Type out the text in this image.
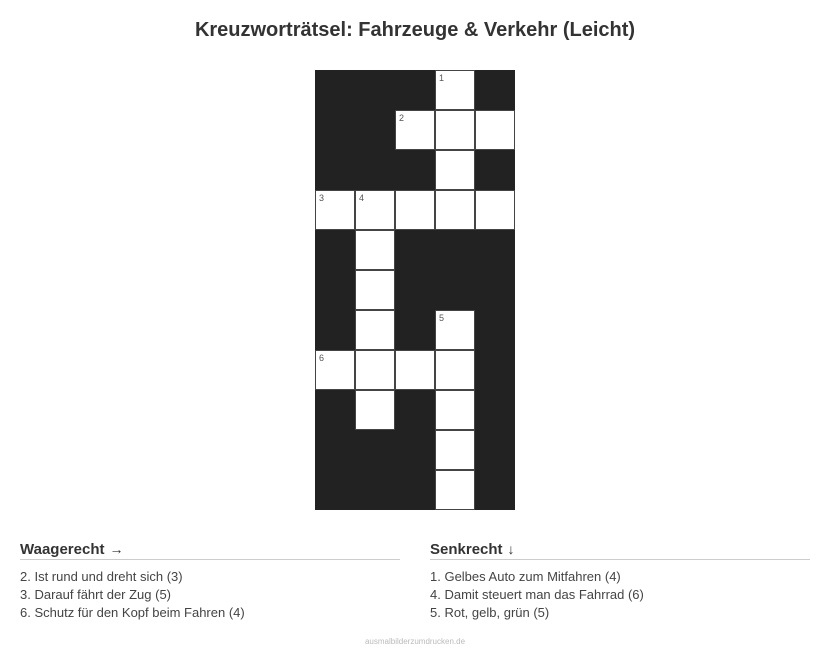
Kreuzworträtsel: Fahrzeuge & Verkehr (Leicht)
1
2
3	4
5
6
Waagerecht →
2. Ist rund und dreht sich (3)
3. Darauf fährt der Zug (5)
6. Schutz für den Kopf beim Fahren (4)
Senkrecht ↓
1. Gelbes Auto zum Mitfahren (4)
4. Damit steuert man das Fahrrad (6)
5. Rot, gelb, grün (5)
ausmalbilderzumdrucken.de
